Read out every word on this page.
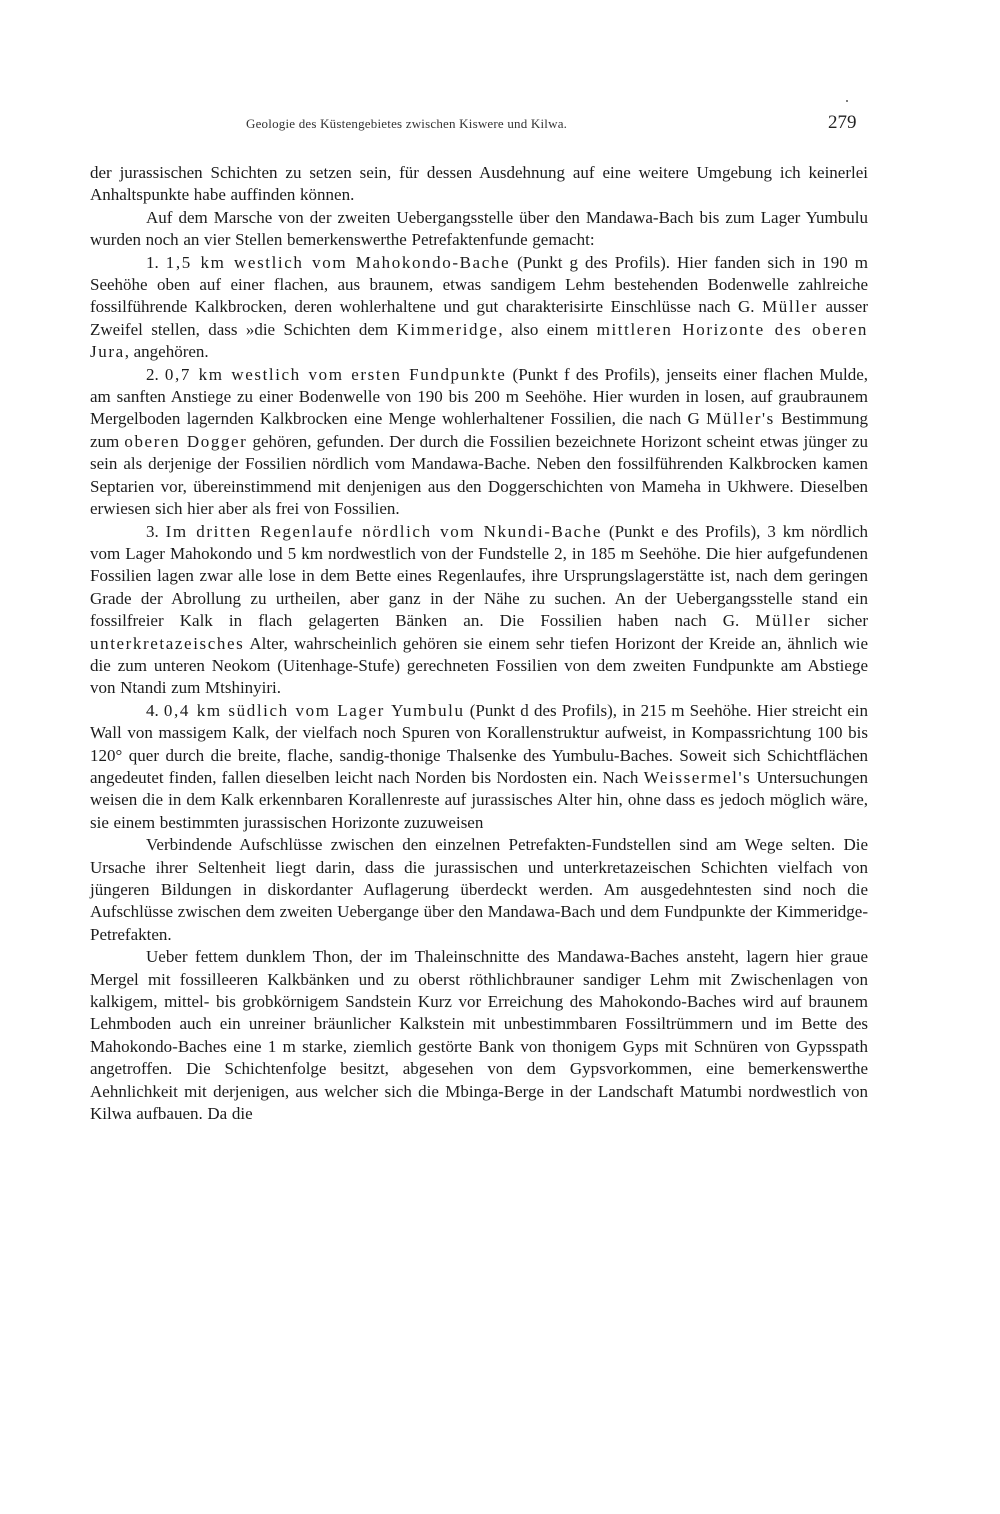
Geologie des Küstengebietes zwischen Kiswere und Kilwa.	279

der jurassischen Schichten zu setzen sein, für dessen Ausdehnung auf eine weitere Umgebung ich keinerlei Anhaltspunkte habe auffinden können.

Auf dem Marsche von der zweiten Uebergangsstelle über den Mandawa-Bach bis zum Lager Yumbulu wurden noch an vier Stellen bemerkenswerthe Petrefaktenfunde gemacht:

1. 1,5 km westlich vom Mahokondo-Bache (Punkt g des Profils). Hier fanden sich in 190 m Seehöhe oben auf einer flachen, aus braunem, etwas sandigem Lehm bestehenden Bodenwelle zahlreiche fossilführende Kalkbrocken, deren wohlerhaltene und gut charakterisirte Einschlüsse nach G. Müller ausser Zweifel stellen, dass »die Schichten dem Kimmeridge, also einem mittleren Horizonte des oberen Jura, angehören.

2. 0,7 km westlich vom ersten Fundpunkte (Punkt f des Profils), jenseits einer flachen Mulde, am sanften Anstiege zu einer Bodenwelle von 190 bis 200 m Seehöhe. Hier wurden in losen, auf graubraunem Mergelboden lagernden Kalkbrocken eine Menge wohlerhaltener Fossilien, die nach G Müller's Bestimmung zum oberen Dogger gehören, gefunden. Der durch die Fossilien bezeichnete Horizont scheint etwas jünger zu sein als derjenige der Fossilien nördlich vom Mandawa-Bache. Neben den fossilführenden Kalkbrocken kamen Septarien vor, übereinstimmend mit denjenigen aus den Doggerschichten von Mameha in Ukhwere. Dieselben erwiesen sich hier aber als frei von Fossilien.

3. Im dritten Regenlaufe nördlich vom Nkundi-Bache (Punkt e des Profils), 3 km nördlich vom Lager Mahokondo und 5 km nordwestlich von der Fundstelle 2, in 185 m Seehöhe. Die hier aufgefundenen Fossilien lagen zwar alle lose in dem Bette eines Regenlaufes, ihre Ursprungslagerstätte ist, nach dem geringen Grade der Abrollung zu urtheilen, aber ganz in der Nähe zu suchen. An der Uebergangsstelle stand ein fossilfreier Kalk in flach gelagerten Bänken an. Die Fossilien haben nach G. Müller sicher unterkretazeisches Alter, wahrscheinlich gehören sie einem sehr tiefen Horizont der Kreide an, ähnlich wie die zum unteren Neokom (Uitenhage-Stufe) gerechneten Fossilien von dem zweiten Fundpunkte am Abstiege von Ntandi zum Mtshinyiri.

4. 0,4 km südlich vom Lager Yumbulu (Punkt d des Profils), in 215 m Seehöhe. Hier streicht ein Wall von massigem Kalk, der vielfach noch Spuren von Korallenstruktur aufweist, in Kompassrichtung 100 bis 120° quer durch die breite, flache, sandig-thonige Thalsenke des Yumbulu-Baches. Soweit sich Schichtflächen angedeutet finden, fallen dieselben leicht nach Norden bis Nordosten ein. Nach Weissermel's Untersuchungen weisen die in dem Kalk erkennbaren Korallenreste auf jurassisches Alter hin, ohne dass es jedoch möglich wäre, sie einem bestimmten jurassischen Horizonte zuzuweisen

Verbindende Aufschlüsse zwischen den einzelnen Petrefakten-Fundstellen sind am Wege selten. Die Ursache ihrer Seltenheit liegt darin, dass die jurassischen und unterkretazeischen Schichten vielfach von jüngeren Bildungen in diskordanter Auflagerung überdeckt werden. Am ausgedehntesten sind noch die Aufschlüsse zwischen dem zweiten Uebergange über den Mandawa-Bach und dem Fundpunkte der Kimmeridge-Petrefakten.

Ueber fettem dunklem Thon, der im Thaleinschnitte des Mandawa-Baches ansteht, lagern hier graue Mergel mit fossilleeren Kalkbänken und zu oberst röthlichbrauner sandiger Lehm mit Zwischenlagen von kalkigem, mittel- bis grobkörnigem Sandstein Kurz vor Erreichung des Mahokondo-Baches wird auf braunem Lehmboden auch ein unreiner bräunlicher Kalkstein mit unbestimmbaren Fossiltrümmern und im Bette des Mahokondo-Baches eine 1 m starke, ziemlich gestörte Bank von thonigem Gyps mit Schnüren von Gypsspath angetroffen. Die Schichtenfolge besitzt, abgesehen von dem Gypsvorkommen, eine bemerkenswerthe Aehnlichkeit mit derjenigen, aus welcher sich die Mbinga-Berge in der Landschaft Matumbi nordwestlich von Kilwa aufbauen. Da die
